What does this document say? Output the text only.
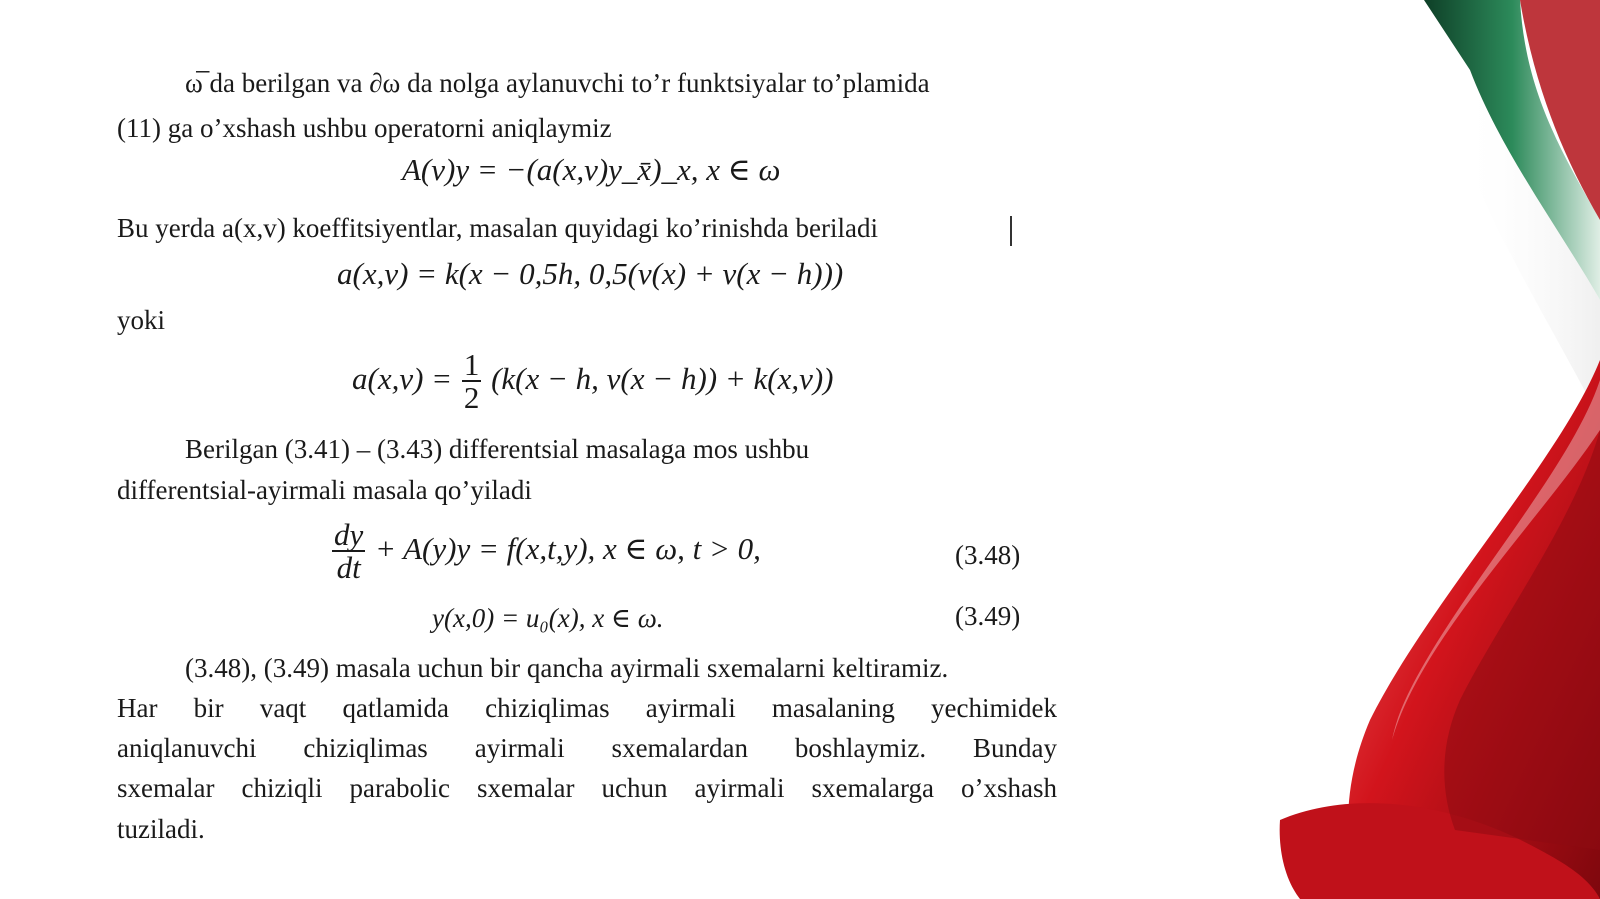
ω̅ da berilgan va ∂ω da nolga aylanuvchi to’r funktsiyalar to’plamida
(11) ga o’xshash ushbu operatorni aniqlaymiz
A(v)y = −(a(x,v)y_x̄)_x, x ∈ ω
Bu yerda a(x,v) koeffitsiyentlar, masalan quyidagi ko’rinishda beriladi
a(x,v) = k(x − 0,5h, 0,5(v(x) + v(x − h)))
yoki
$a(x,v) = \frac{1}{2} (k(x - h$, v(x − h)) + k(x,v))
Berilgan (3.41) – (3.43) differentsial masalaga mos ushbu
differentsial-ayirmali masala qo’yiladi
$\frac{dy}{dt} + A(y)y = f(x,t,y)$, x ∈ ω, t > 0,	(3.48)
y(x,0) = u₀(x), x ∈ ω.	(3.49)
(3.48), (3.49) masala uchun bir qancha ayirmali sxemalarni keltiramiz.
Har bir vaqt qatlamida chiziqlimas ayirmali masalaning yechimidek
aniqlanuvchi chiziqlimas ayirmali sxemalardan boshlaymiz. Bunday
sxemalar chiziqli parabolic sxemalar uchun ayirmali sxemalarga o’xshash
tuziladi.
